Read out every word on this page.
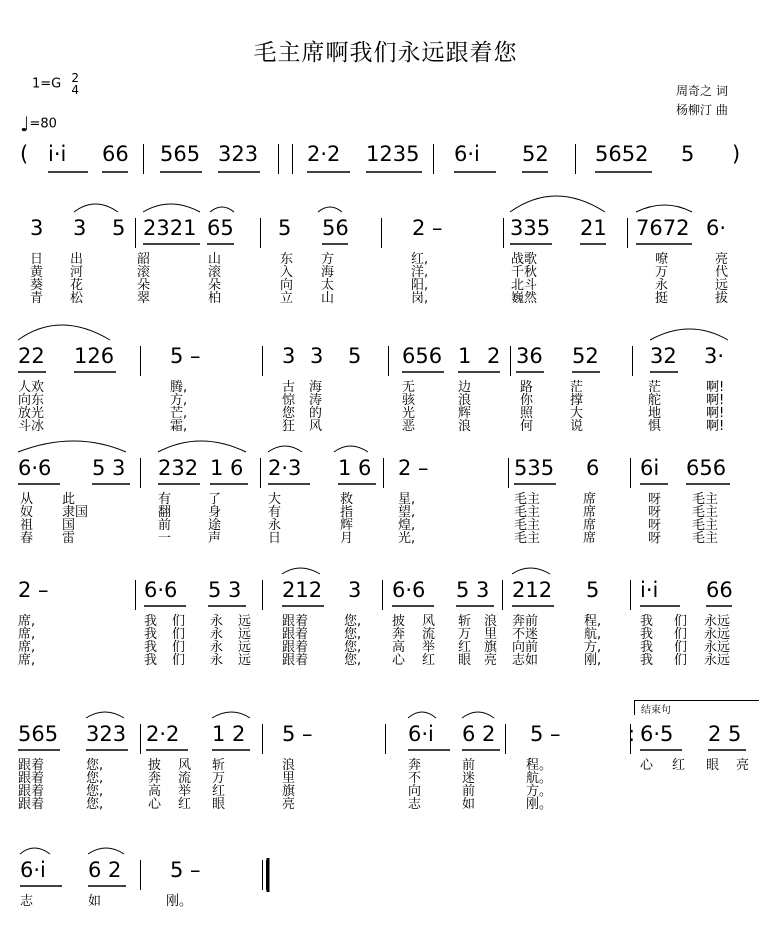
毛主席啊我们永远跟着您
1=G 2
4
♩=80
周奇之 词
杨柳汀 曲
结束句
( i·i 66 565 323 2·2 1235 6·i 52 5652 5 )
3 3 5 2321 65 5 56	2 –	335 21 7672 6·
日 出	韶	山	东 方	红,	战歌	嘹	亮
黄 河	滚	滚	入 海	洋,	千秋	万	代
葵 花	朵	朵	向 太	阳,	北斗	永	远
青 松	翠	柏	立 山	岗,	巍然	挺	拔
22 126	5 –	3 3 5 656 1 2 36 52 32 3·
人欢	腾,	古 海	无	边	路	茫	茫	啊!
向东	方,	惊 涛	骇	浪	你	撑	舵	啊!
放光	芒,	您 的	光	辉	照	大	地	啊!
斗冰	霜,	狂 风	恶	浪	何	说	惧	啊!
6·6 5 3 232 1 6 2·3 1 6 2 –	535 6 6i 656
从 此	有	了	大	救	星,	毛主	席	呀 毛主
奴 隶国	翻	身	有	指	望,	毛主	席	呀 毛主
祖 国	前	途	永	辉	煌,	毛主	席	呀 毛主
春 雷	一	声	日	月	光,	毛主	席	呀 毛主
2 –	6·6 5 3 212 3 6·6 5 3 212 5 i·i 66
席,	我 们 永 远 跟着	您, 披 风 斩 浪 奔前	程,	我 们 永远
席,	我 们 永 远 跟着	您, 奔 流 万 里 不迷	航,	我 们 永远
席,	我 们 永 远 跟着	您, 高 举 红 旗 向前	方,	我 们 永远
席,	我 们 永 远 跟着	您, 心 红 眼 亮 志如	刚,	我 们 永远
565 323 2·2 1 2 5 –	6·i 6 2 5 –	: 6·5 2 5
跟着	您,	披 风 斩	浪	奔	前	程。	心 红 眼 亮
跟着	您,	奔 流 万	里	不	迷	航。
跟着	您,	高 举 红	旗	向	前	方。
跟着	您,	心 红 眼	亮	志	如	刚。
6·i 6 2 5 –
志	如	刚。
